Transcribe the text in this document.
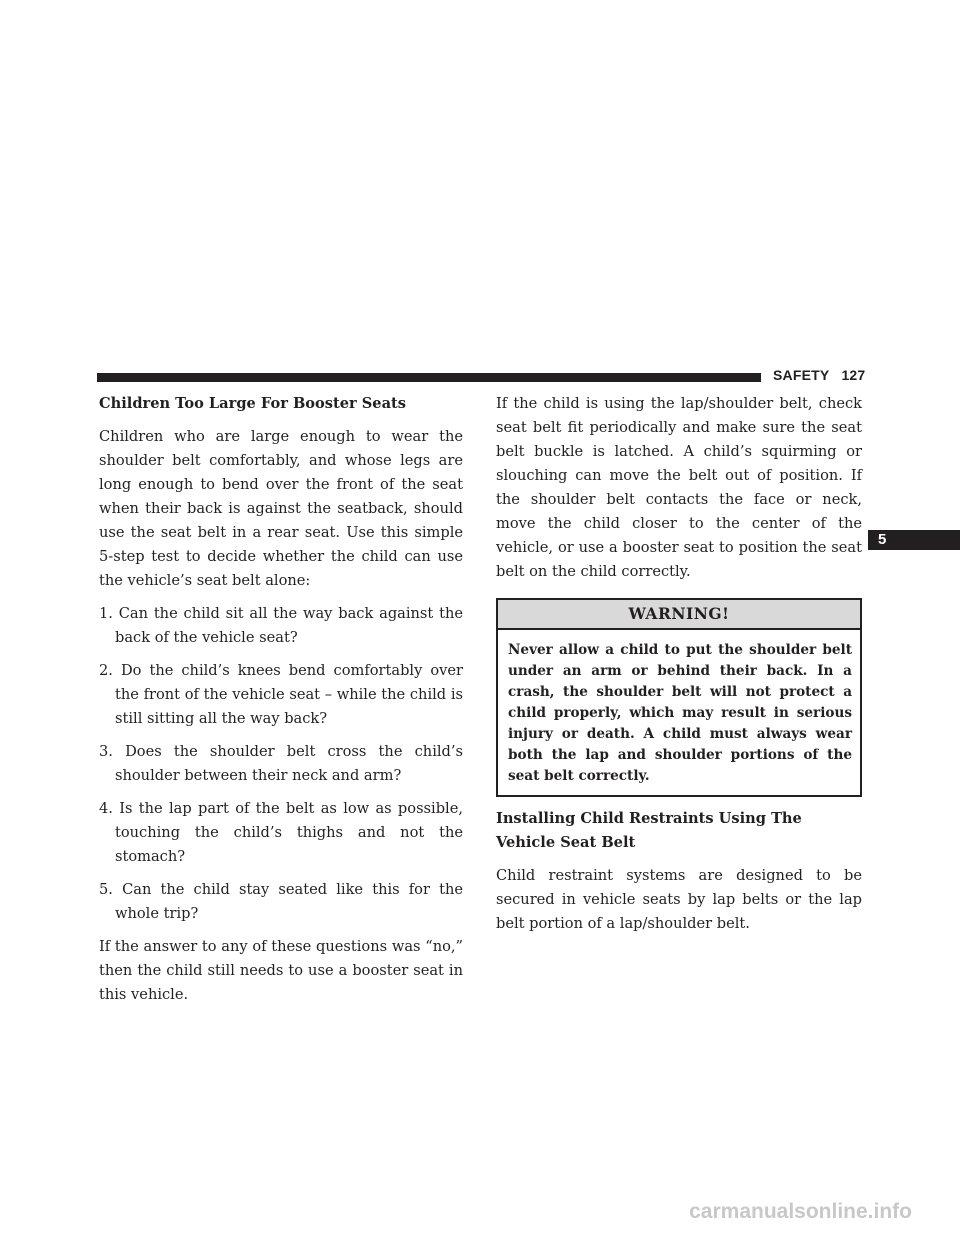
SAFETY 127
Children Too Large For Booster Seats

Children who are large enough to wear the shoulder belt comfortably, and whose legs are long enough to bend over the front of the seat when their back is against the seatback, should use the seat belt in a rear seat. Use this simple 5-step test to decide whether the child can use the vehicle’s seat belt alone:

1. Can the child sit all the way back against the back of the vehicle seat?
2. Do the child’s knees bend comfortably over the front of the vehicle seat – while the child is still sitting all the way back?
3. Does the shoulder belt cross the child’s shoulder between their neck and arm?
4. Is the lap part of the belt as low as possible, touching the child’s thighs and not the stomach?
5. Can the child stay seated like this for the whole trip?

If the answer to any of these questions was “no,” then the child still needs to use a booster seat in this vehicle.

If the child is using the lap/shoulder belt, check seat belt fit periodically and make sure the seat belt buckle is latched. A child’s squirming or slouching can move the belt out of position. If the shoulder belt contacts the face or neck, move the child closer to the center of the vehicle, or use a booster seat to position the seat belt on the child correctly.

WARNING!
Never allow a child to put the shoulder belt under an arm or behind their back. In a crash, the shoulder belt will not protect a child properly, which may result in serious injury or death. A child must always wear both the lap and shoulder portions of the seat belt correctly.
Installing Child Restraints Using The Vehicle Seat Belt

Child restraint systems are designed to be secured in vehicle seats by lap belts or the lap belt portion of a lap/shoulder belt.

5
carmanualsonline.info
